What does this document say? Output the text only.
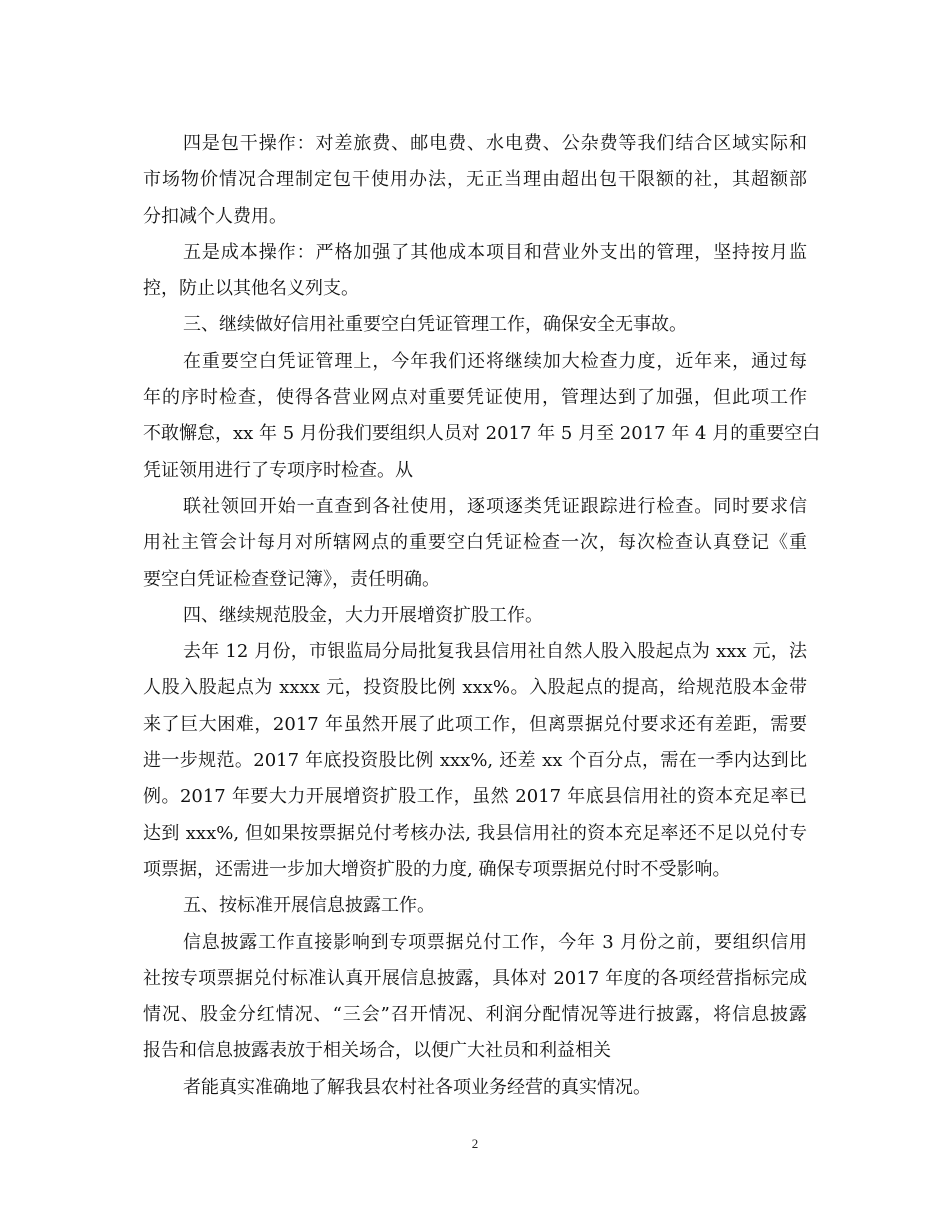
四是包干操作：对差旅费、邮电费、水电费、公杂费等我们结合区域实际和
市场物价情况合理制定包干使用办法，无正当理由超出包干限额的社，其超额部
分扣减个人费用。
五是成本操作：严格加强了其他成本项目和营业外支出的管理，坚持按月监
控，防止以其他名义列支。
三、继续做好信用社重要空白凭证管理工作，确保安全无事故。
在重要空白凭证管理上，今年我们还将继续加大检查力度，近年来，通过每
年的序时检查，使得各营业网点对重要凭证使用，管理达到了加强，但此项工作
不敢懈怠，xx 年 5 月份我们要组织人员对 2017 年 5 月至 2017 年 4 月的重要空白
凭证领用进行了专项序时检查。从
联社领回开始一直查到各社使用，逐项逐类凭证跟踪进行检查。同时要求信
用社主管会计每月对所辖网点的重要空白凭证检查一次，每次检查认真登记《重
要空白凭证检查登记簿》，责任明确。
四、继续规范股金，大力开展增资扩股工作。
去年 12 月份，市银监局分局批复我县信用社自然人股入股起点为 xxx 元，法
人股入股起点为 xxxx 元，投资股比例 xxx%。入股起点的提高，给规范股本金带
来了巨大困难，2017 年虽然开展了此项工作，但离票据兑付要求还有差距，需要
进一步规范。2017 年底投资股比例 xxx%, 还差 xx 个百分点，需在一季内达到比
例。2017 年要大力开展增资扩股工作，虽然 2017 年底县信用社的资本充足率已
达到 xxx%, 但如果按票据兑付考核办法, 我县信用社的资本充足率还不足以兑付专
项票据，还需进一步加大增资扩股的力度, 确保专项票据兑付时不受影响。
五、按标准开展信息披露工作。
信息披露工作直接影响到专项票据兑付工作，今年 3 月份之前，要组织信用
社按专项票据兑付标准认真开展信息披露，具体对 2017 年度的各项经营指标完成
情况、股金分红情况、“三会”召开情况、利润分配情况等进行披露，将信息披露
报告和信息披露表放于相关场合，以便广大社员和利益相关
者能真实准确地了解我县农村社各项业务经营的真实情况。
2
